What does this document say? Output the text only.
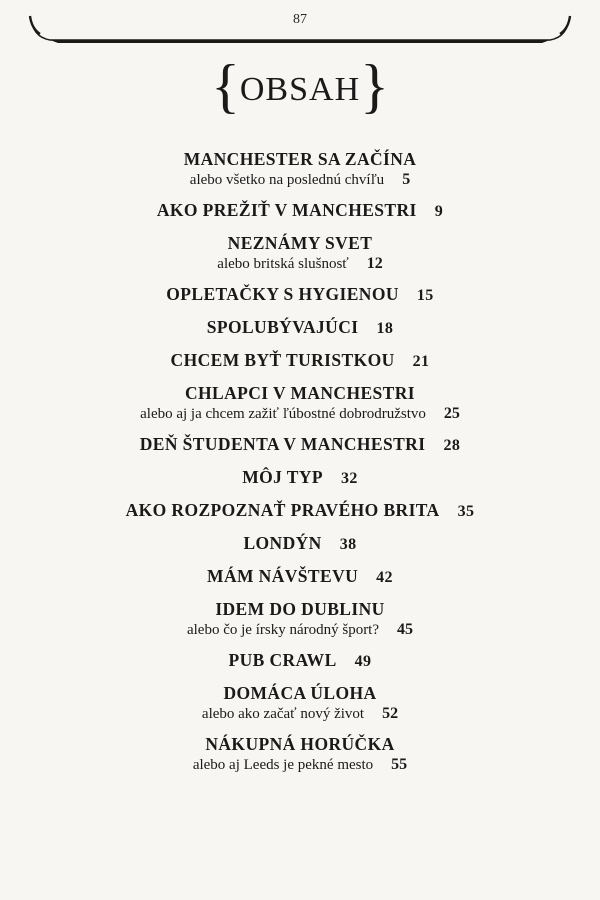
87
{OBSAH}
MANCHESTER SA ZAČÍNA
alebo všetko na poslednú chvíľu 5
AKO PREŽIŤ V MANCHESTRI 9
NEZNÁMY SVET
alebo britská slušnosť 12
OPLETAČKY S HYGIENOU 15
SPOLUBÝVAJÚCI 18
CHCEM BYŤ TURISTKOU 21
CHLAPCI V MANCHESTRI
alebo aj ja chcem zažiť ľúbostné dobrodružstvo 25
DEŇ ŠTUDENTA V MANCHESTRI 28
MÔJ TYP 32
AKO ROZPOZNAŤ PRAVÉHO BRITA 35
LONDÝN 38
MÁM NÁVŠTEVU 42
IDEM DO DUBLINU
alebo čo je írsky národný šport? 45
PUB CRAWL 49
DOMÁCA ÚLOHA
alebo ako začať nový život 52
NÁKUPNÁ HORÚČKA
alebo aj Leeds je pekné mesto 55
